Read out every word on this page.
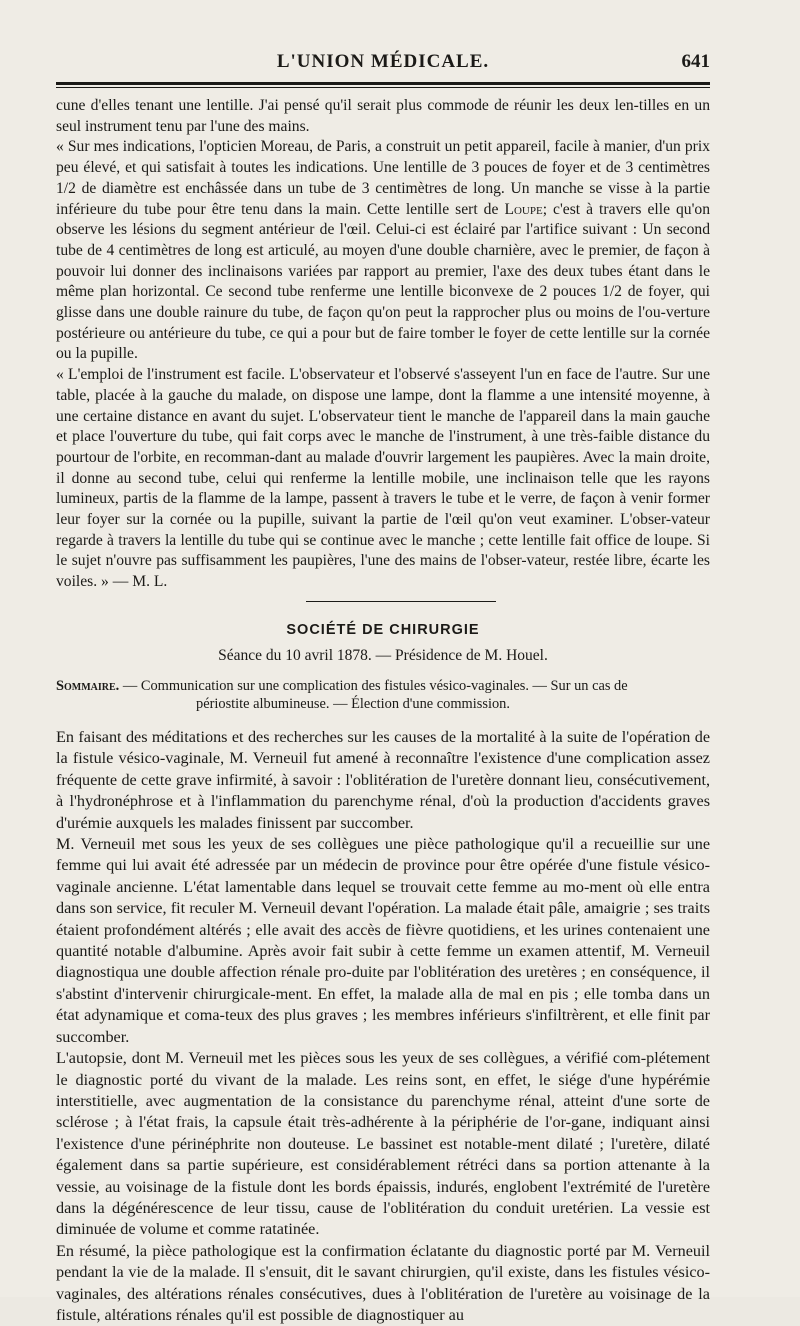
L'UNION MÉDICALE.	641

cune d'elles tenant une lentille. J'ai pensé qu'il serait plus commode de réunir les deux len-tilles en un seul instrument tenu par l'une des mains.

« Sur mes indications, l'opticien Moreau, de Paris, a construit un petit appareil, facile à manier, d'un prix peu élevé, et qui satisfait à toutes les indications. Une lentille de 3 pouces de foyer et de 3 centimètres 1/2 de diamètre est enchâssée dans un tube de 3 centimètres de long. Un manche se visse à la partie inférieure du tube pour être tenu dans la main. Cette lentille sert de Loupe; c'est à travers elle qu'on observe les lésions du segment antérieur de l'œil. Celui-ci est éclairé par l'artifice suivant : Un second tube de 4 centimètres de long est articulé, au moyen d'une double charnière, avec le premier, de façon à pouvoir lui donner des inclinaisons variées par rapport au premier, l'axe des deux tubes étant dans le même plan horizontal. Ce second tube renferme une lentille biconvexe de 2 pouces 1/2 de foyer, qui glisse dans une double rainure du tube, de façon qu'on peut la rapprocher plus ou moins de l'ou-verture postérieure ou antérieure du tube, ce qui a pour but de faire tomber le foyer de cette lentille sur la cornée ou la pupille.

« L'emploi de l'instrument est facile. L'observateur et l'observé s'asseyent l'un en face de l'autre. Sur une table, placée à la gauche du malade, on dispose une lampe, dont la flamme a une intensité moyenne, à une certaine distance en avant du sujet. L'observateur tient le manche de l'appareil dans la main gauche et place l'ouverture du tube, qui fait corps avec le manche de l'instrument, à une très-faible distance du pourtour de l'orbite, en recomman-dant au malade d'ouvrir largement les paupières. Avec la main droite, il donne au second tube, celui qui renferme la lentille mobile, une inclinaison telle que les rayons lumineux, partis de la flamme de la lampe, passent à travers le tube et le verre, de façon à venir former leur foyer sur la cornée ou la pupille, suivant la partie de l'œil qu'on veut examiner. L'obser-vateur regarde à travers la lentille du tube qui se continue avec le manche ; cette lentille fait office de loupe. Si le sujet n'ouvre pas suffisamment les paupières, l'une des mains de l'obser-vateur, restée libre, écarte les voiles. » — M. L.

SOCIÉTÉ DE CHIRURGIE
Séance du 10 avril 1878. — Présidence de M. Houel.
Sommaire. — Communication sur une complication des fistules vésico-vaginales. — Sur un cas de
périostite albumineuse. — Élection d'une commission.

En faisant des méditations et des recherches sur les causes de la mortalité à la suite de l'opération de la fistule vésico-vaginale, M. Verneuil fut amené à reconnaître l'existence d'une complication assez fréquente de cette grave infirmité, à savoir : l'oblitération de l'uretère donnant lieu, consécutivement, à l'hydronéphrose et à l'inflammation du parenchyme rénal, d'où la production d'accidents graves d'urémie auxquels les malades finissent par succomber.

M. Verneuil met sous les yeux de ses collègues une pièce pathologique qu'il a recueillie sur une femme qui lui avait été adressée par un médecin de province pour être opérée d'une fistule vésico-vaginale ancienne. L'état lamentable dans lequel se trouvait cette femme au mo-ment où elle entra dans son service, fit reculer M. Verneuil devant l'opération. La malade était pâle, amaigrie ; ses traits étaient profondément altérés ; elle avait des accès de fièvre quotidiens, et les urines contenaient une quantité notable d'albumine. Après avoir fait subir à cette femme un examen attentif, M. Verneuil diagnostiqua une double affection rénale pro-duite par l'oblitération des uretères ; en conséquence, il s'abstint d'intervenir chirurgicale-ment. En effet, la malade alla de mal en pis ; elle tomba dans un état adynamique et coma-teux des plus graves ; les membres inférieurs s'infiltrèrent, et elle finit par succomber.

L'autopsie, dont M. Verneuil met les pièces sous les yeux de ses collègues, a vérifié com-plétement le diagnostic porté du vivant de la malade. Les reins sont, en effet, le siége d'une hypérémie interstitielle, avec augmentation de la consistance du parenchyme rénal, atteint d'une sorte de sclérose ; à l'état frais, la capsule était très-adhérente à la périphérie de l'or-gane, indiquant ainsi l'existence d'une périnéphrite non douteuse. Le bassinet est notable-ment dilaté ; l'uretère, dilaté également dans sa partie supérieure, est considérablement rétréci dans sa portion attenante à la vessie, au voisinage de la fistule dont les bords épaissis, indurés, englobent l'extrémité de l'uretère dans la dégénérescence de leur tissu, cause de l'oblitération du conduit uretérien. La vessie est diminuée de volume et comme ratatinée.

En résumé, la pièce pathologique est la confirmation éclatante du diagnostic porté par M. Verneuil pendant la vie de la malade. Il s'ensuit, dit le savant chirurgien, qu'il existe, dans les fistules vésico-vaginales, des altérations rénales consécutives, dues à l'oblitération de l'uretère au voisinage de la fistule, altérations rénales qu'il est possible de diagnostiquer au
